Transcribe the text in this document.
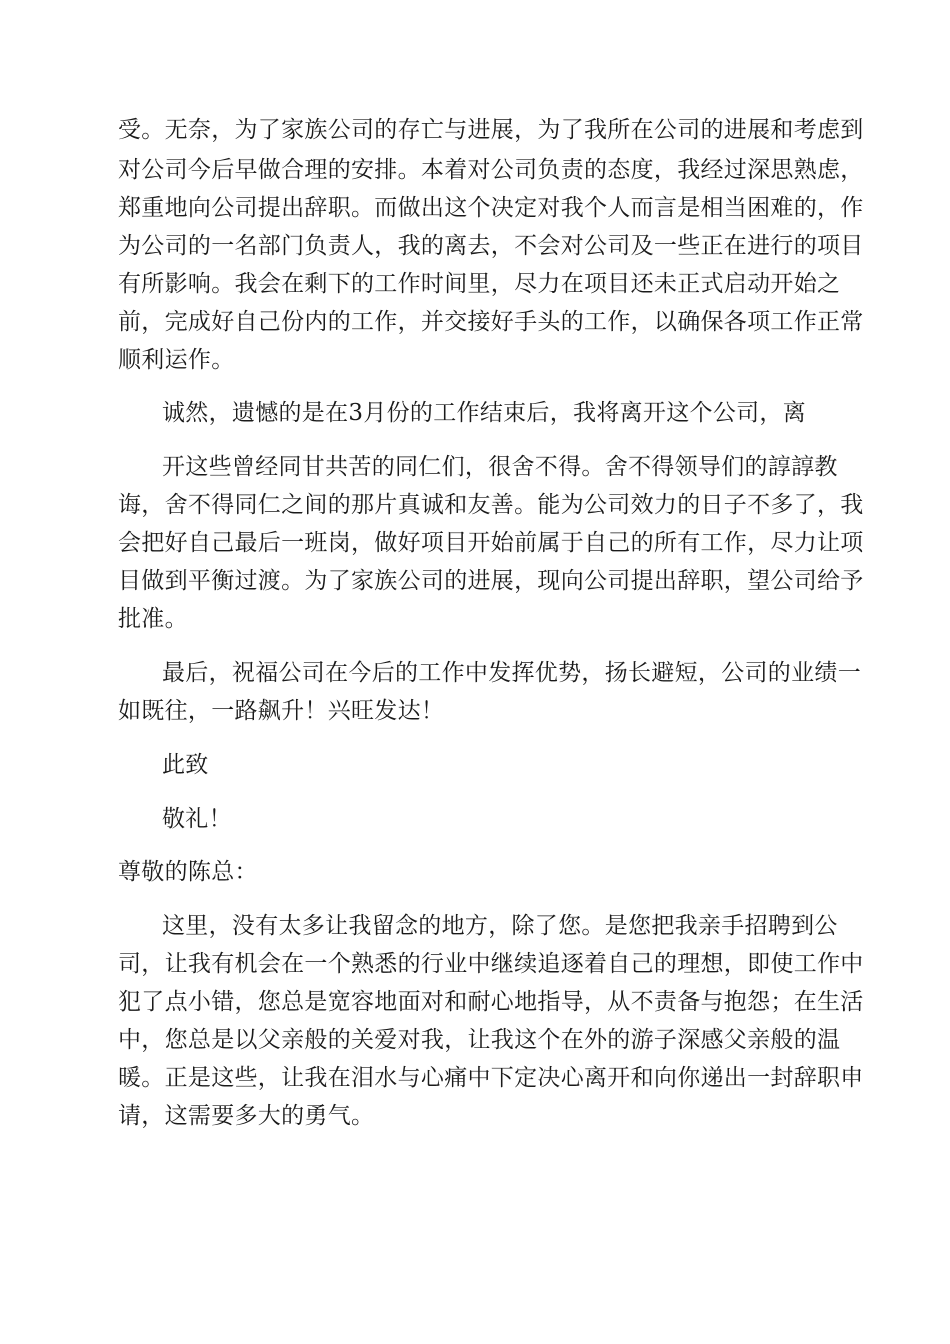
受。无奈，为了家族公司的存亡与进展，为了我所在公司的进展和考虑到
对公司今后早做合理的安排。本着对公司负责的态度，我经过深思熟虑，
郑重地向公司提出辞职。而做出这个决定对我个人而言是相当困难的，作
为公司的一名部门负责人，我的离去，不会对公司及一些正在进行的项目
有所影响。我会在剩下的工作时间里，尽力在项目还未正式启动开始之
前，完成好自己份内的工作，并交接好手头的工作，以确保各项工作正常
顺利运作。
诚然，遗憾的是在3月份的工作结束后，我将离开这个公司，离
开这些曾经同甘共苦的同仁们，很舍不得。舍不得领导们的諄諄教
诲，舍不得同仁之间的那片真诚和友善。能为公司效力的日子不多了，我
会把好自己最后一班岗，做好项目开始前属于自己的所有工作，尽力让项
目做到平衡过渡。为了家族公司的进展，现向公司提出辞职，望公司给予
批准。
最后，祝福公司在今后的工作中发挥优势，扬长避短，公司的业绩一
如既往，一路飙升！兴旺发达！
此致
敬礼！
尊敬的陈总：
这里，没有太多让我留念的地方，除了您。是您把我亲手招聘到公
司，让我有机会在一个熟悉的行业中继续追逐着自己的理想，即使工作中
犯了点小错，您总是宽容地面对和耐心地指导，从不责备与抱怨；在生活
中，您总是以父亲般的关爱对我，让我这个在外的游子深感父亲般的温
暖。正是这些，让我在泪水与心痛中下定决心离开和向你递出一封辞职申
请，这需要多大的勇气。
